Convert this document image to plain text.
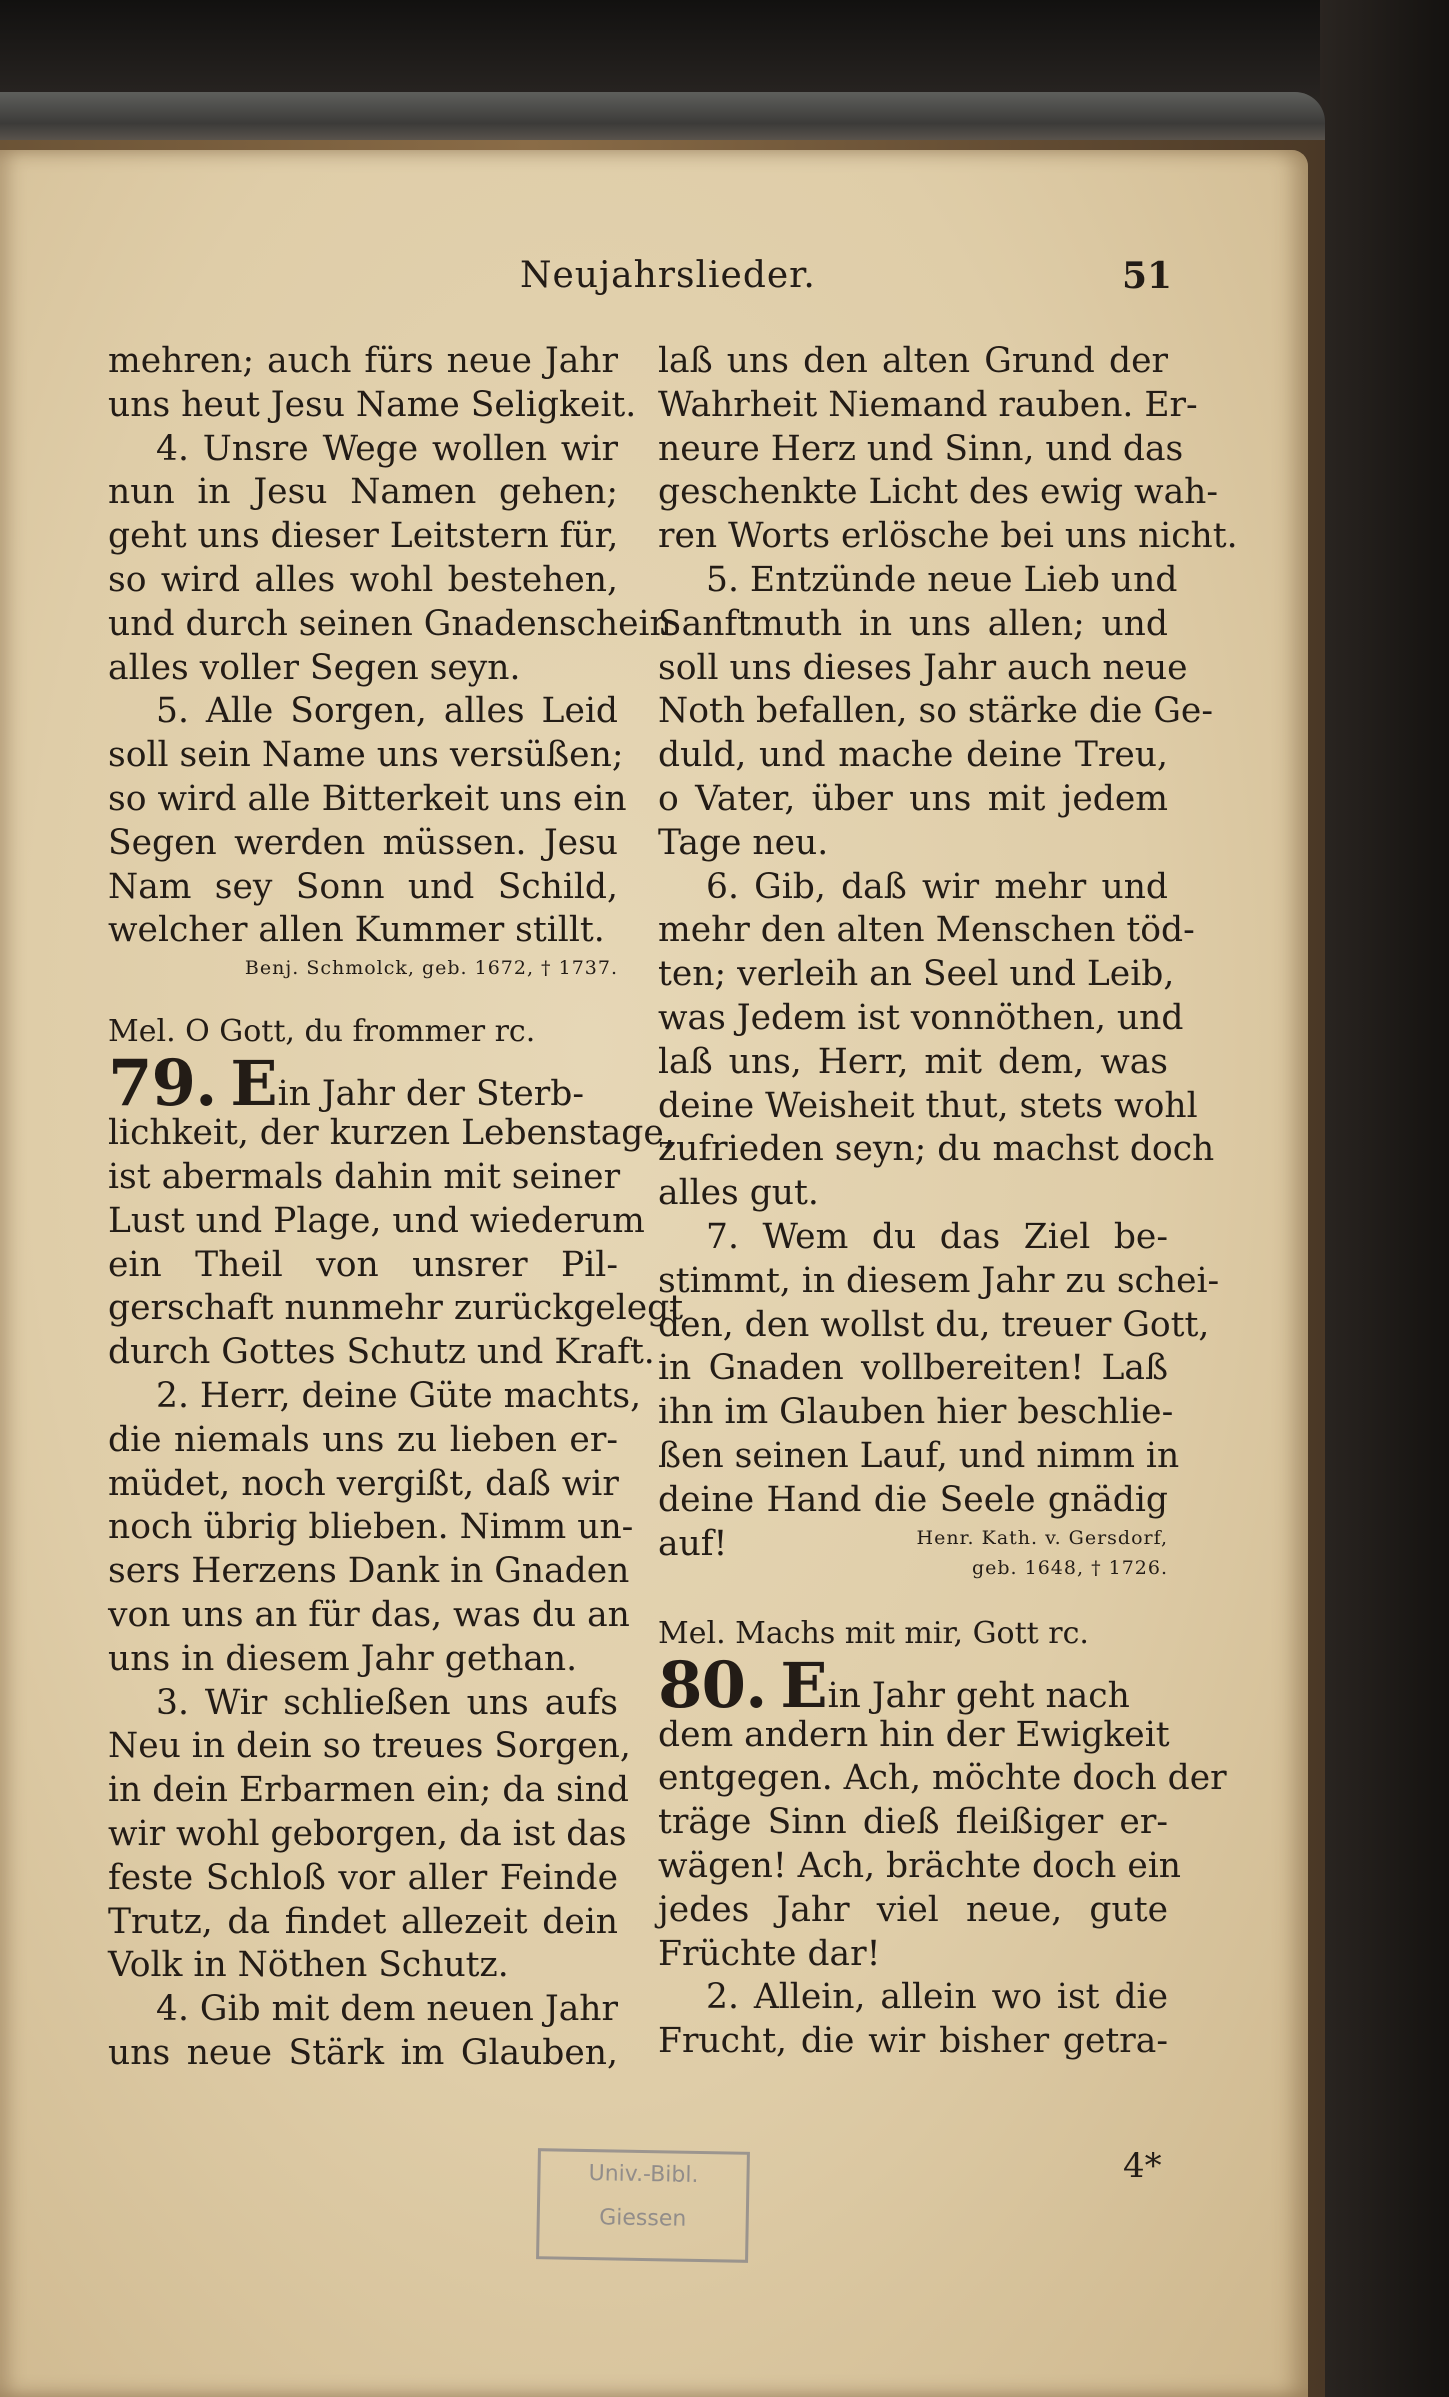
Neujahrslieder.	51
mehren; auch fürs neue Jahr
uns heut Jesu Name Seligkeit.
4. Unsre Wege wollen wir
nun in Jesu Namen gehen;
geht uns dieser Leitstern für,
so wird alles wohl bestehen,
und durch seinen Gnadenschein
alles voller Segen seyn.
5. Alle Sorgen, alles Leid
soll sein Name uns versüßen;
so wird alle Bitterkeit uns ein
Segen werden müssen. Jesu
Nam sey Sonn und Schild,
welcher allen Kummer stillt.
Benj. Schmolck, geb. 1672, † 1737.
Mel. O Gott, du frommer rc.
79. Ein Jahr der Sterb-
lichkeit, der kurzen Lebenstage,
ist abermals dahin mit seiner
Lust und Plage, und wiederum
ein Theil von unsrer Pil-
gerschaft nunmehr zurückgelegt
durch Gottes Schutz und Kraft.
2. Herr, deine Güte machts,
die niemals uns zu lieben er-
müdet, noch vergißt, daß wir
noch übrig blieben. Nimm un-
sers Herzens Dank in Gnaden
von uns an für das, was du an
uns in diesem Jahr gethan.
3. Wir schließen uns aufs
Neu in dein so treues Sorgen,
in dein Erbarmen ein; da sind
wir wohl geborgen, da ist das
feste Schloß vor aller Feinde
Trutz, da findet allezeit dein
Volk in Nöthen Schutz.
4. Gib mit dem neuen Jahr
uns neue Stärk im Glauben,
laß uns den alten Grund der
Wahrheit Niemand rauben. Er-
neure Herz und Sinn, und das
geschenkte Licht des ewig wah-
ren Worts erlösche bei uns nicht.
5. Entzünde neue Lieb und
Sanftmuth in uns allen; und
soll uns dieses Jahr auch neue
Noth befallen, so stärke die Ge-
duld, und mache deine Treu,
o Vater, über uns mit jedem
Tage neu.
6. Gib, daß wir mehr und
mehr den alten Menschen töd-
ten; verleih an Seel und Leib,
was Jedem ist vonnöthen, und
laß uns, Herr, mit dem, was
deine Weisheit thut, stets wohl
zufrieden seyn; du machst doch
alles gut.
7. Wem du das Ziel be-
stimmt, in diesem Jahr zu schei-
den, den wollst du, treuer Gott,
in Gnaden vollbereiten! Laß
ihn im Glauben hier beschlie-
ßen seinen Lauf, und nimm in
deine Hand die Seele gnädig
auf!	Henr. Kath. v. Gersdorf,
geb. 1648, † 1726.
Mel. Machs mit mir, Gott rc.
80. Ein Jahr geht nach
dem andern hin der Ewigkeit
entgegen. Ach, möchte doch der
träge Sinn dieß fleißiger er-
wägen! Ach, brächte doch ein
jedes Jahr viel neue, gute
Früchte dar!
2. Allein, allein wo ist die
Frucht, die wir bisher getra-
4*
Univ.-Bibl.
Giessen
